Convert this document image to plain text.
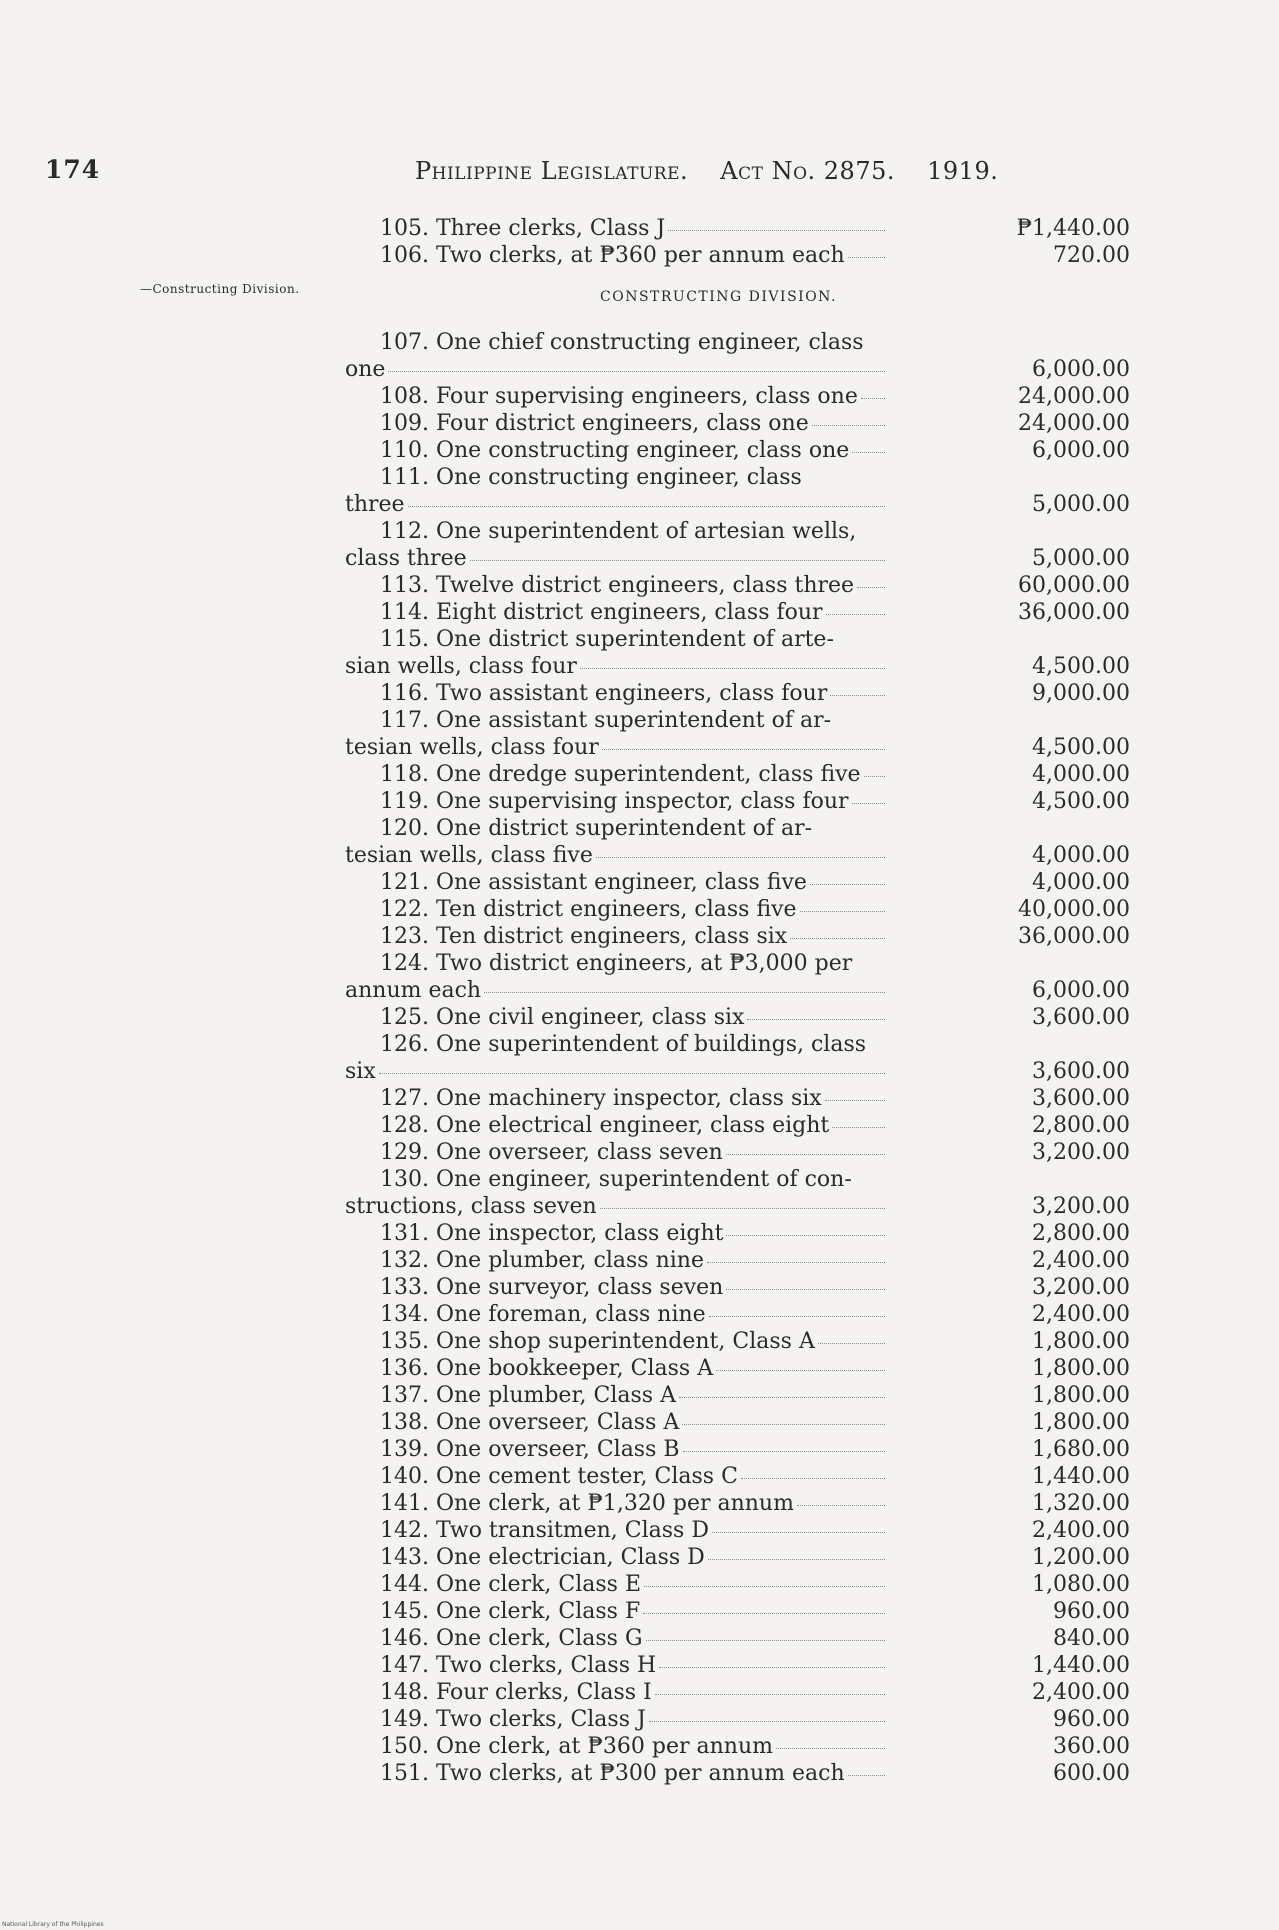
174	Philippine Legislature. Act No. 2875. 1919.
—Constructing Division.	CONSTRUCTING DIVISION.
105. Three clerks, Class J	₱1,440.00
106. Two clerks, at ₱360 per annum each	720.00
107. One chief constructing engineer, class
one	6,000.00
108. Four supervising engineers, class one	24,000.00
109. Four district engineers, class one	24,000.00
110. One constructing engineer, class one	6,000.00
111. One constructing engineer, class
three	5,000.00
112. One superintendent of artesian wells,
class three	5,000.00
113. Twelve district engineers, class three	60,000.00
114. Eight district engineers, class four	36,000.00
115. One district superintendent of arte-
sian wells, class four	4,500.00
116. Two assistant engineers, class four	9,000.00
117. One assistant superintendent of ar-
tesian wells, class four	4,500.00
118. One dredge superintendent, class five	4,000.00
119. One supervising inspector, class four	4,500.00
120. One district superintendent of ar-
tesian wells, class five	4,000.00
121. One assistant engineer, class five	4,000.00
122. Ten district engineers, class five	40,000.00
123. Ten district engineers, class six	36,000.00
124. Two district engineers, at ₱3,000 per
annum each	6,000.00
125. One civil engineer, class six	3,600.00
126. One superintendent of buildings, class
six	3,600.00
127. One machinery inspector, class six	3,600.00
128. One electrical engineer, class eight	2,800.00
129. One overseer, class seven	3,200.00
130. One engineer, superintendent of con-
structions, class seven	3,200.00
131. One inspector, class eight	2,800.00
132. One plumber, class nine	2,400.00
133. One surveyor, class seven	3,200.00
134. One foreman, class nine	2,400.00
135. One shop superintendent, Class A	1,800.00
136. One bookkeeper, Class A	1,800.00
137. One plumber, Class A	1,800.00
138. One overseer, Class A	1,800.00
139. One overseer, Class B	1,680.00
140. One cement tester, Class C	1,440.00
141. One clerk, at ₱1,320 per annum	1,320.00
142. Two transitmen, Class D	2,400.00
143. One electrician, Class D	1,200.00
144. One clerk, Class E	1,080.00
145. One clerk, Class F	960.00
146. One clerk, Class G	840.00
147. Two clerks, Class H	1,440.00
148. Four clerks, Class I	2,400.00
149. Two clerks, Class J	960.00
150. One clerk, at ₱360 per annum	360.00
151. Two clerks, at ₱300 per annum each	600.00
National Library of the Philippines
